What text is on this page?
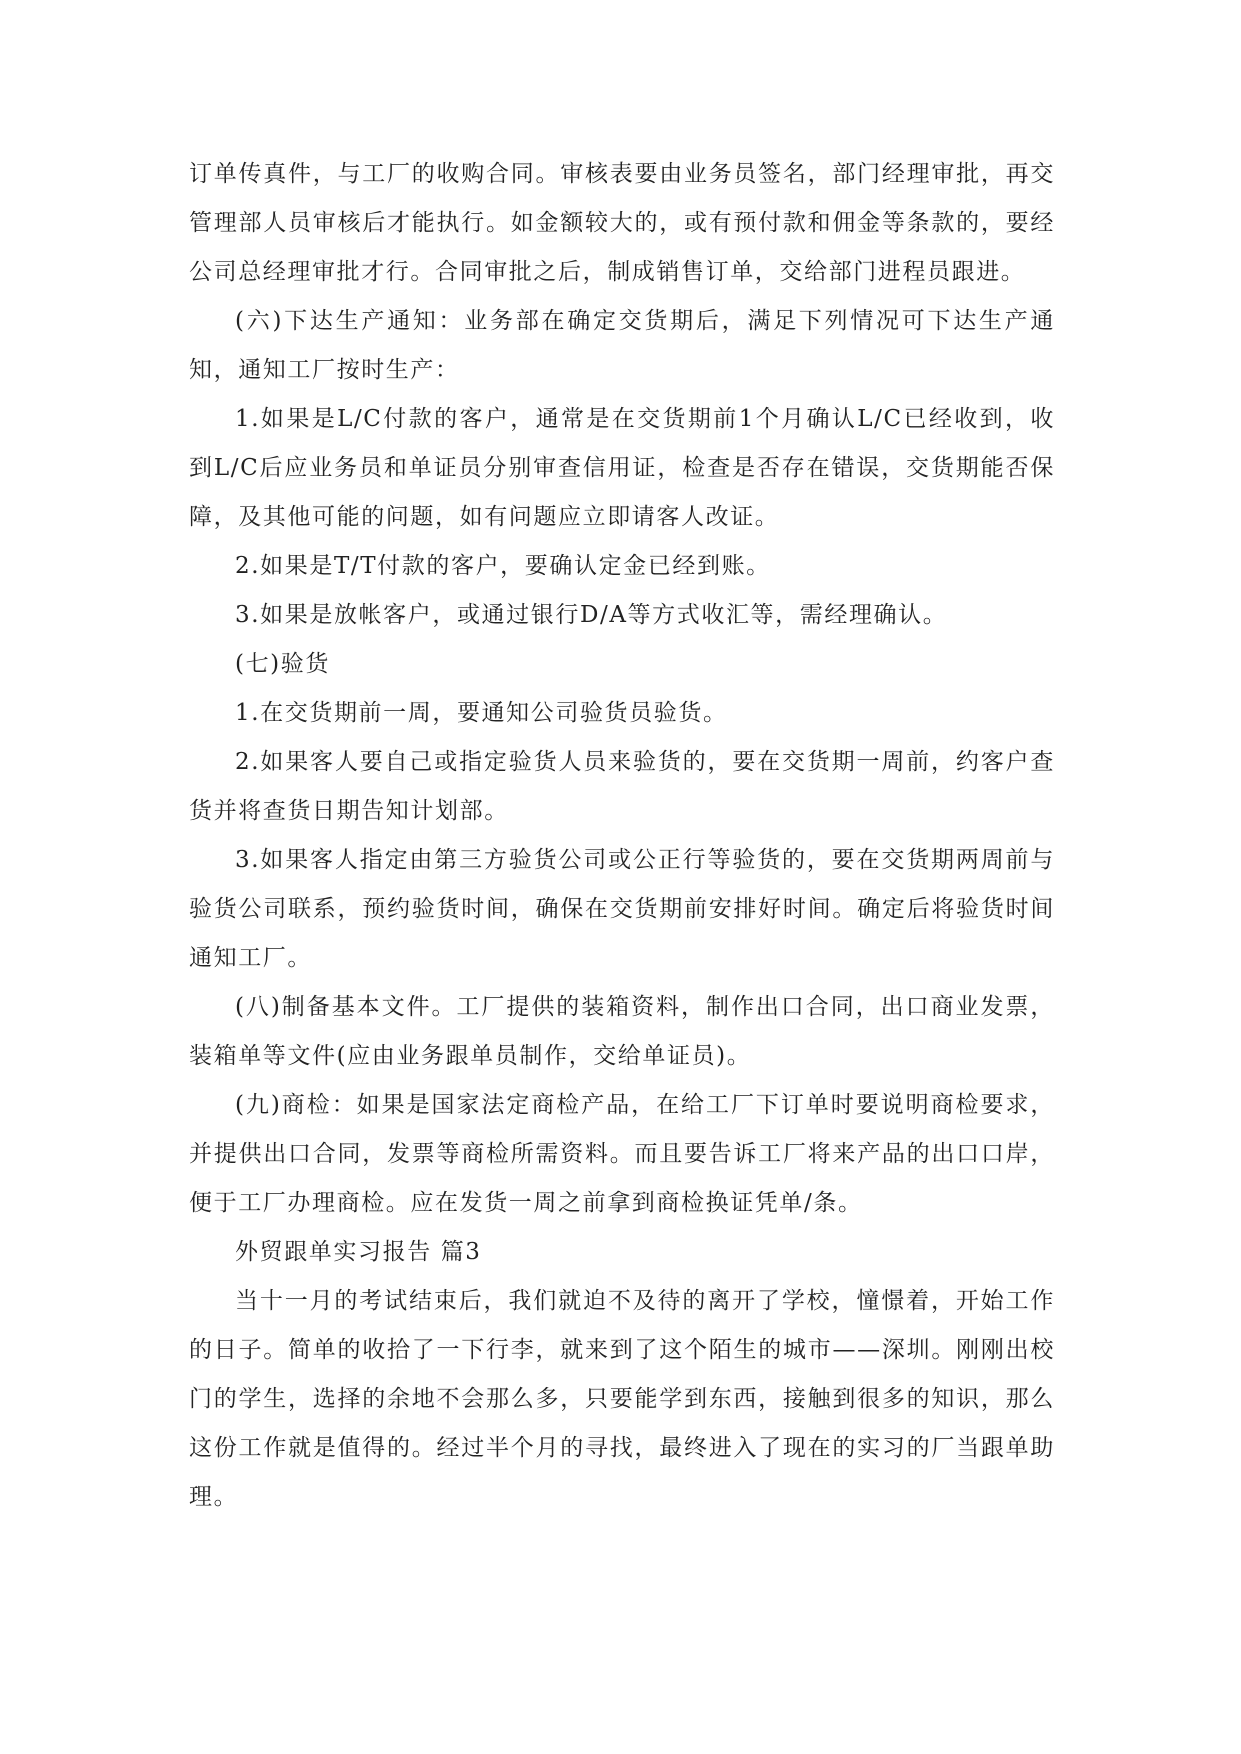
订单传真件，与工厂的收购合同。审核表要由业务员签名，部门经理审批，再交管理部人员审核后才能执行。如金额较大的，或有预付款和佣金等条款的，要经公司总经理审批才行。合同审批之后，制成销售订单，交给部门进程员跟进。

(六)下达生产通知：业务部在确定交货期后，满足下列情况可下达生产通知，通知工厂按时生产：

1.如果是L/C付款的客户，通常是在交货期前1个月确认L/C已经收到，收到L/C后应业务员和单证员分别审查信用证，检查是否存在错误，交货期能否保障，及其他可能的问题，如有问题应立即请客人改证。

2.如果是T/T付款的客户，要确认定金已经到账。

3.如果是放帐客户，或通过银行D/A等方式收汇等，需经理确认。

(七)验货

1.在交货期前一周，要通知公司验货员验货。

2.如果客人要自己或指定验货人员来验货的，要在交货期一周前，约客户查货并将查货日期告知计划部。

3.如果客人指定由第三方验货公司或公正行等验货的，要在交货期两周前与验货公司联系，预约验货时间，确保在交货期前安排好时间。确定后将验货时间通知工厂。

(八)制备基本文件。工厂提供的装箱资料，制作出口合同，出口商业发票，装箱单等文件(应由业务跟单员制作，交给单证员)。

(九)商检：如果是国家法定商检产品，在给工厂下订单时要说明商检要求，并提供出口合同，发票等商检所需资料。而且要告诉工厂将来产品的出口口岸，便于工厂办理商检。应在发货一周之前拿到商检换证凭单/条。

外贸跟单实习报告 篇3

当十一月的考试结束后，我们就迫不及待的离开了学校，憧憬着，开始工作的日子。简单的收拾了一下行李，就来到了这个陌生的城市——深圳。刚刚出校门的学生，选择的余地不会那么多，只要能学到东西，接触到很多的知识，那么这份工作就是值得的。经过半个月的寻找，最终进入了现在的实习的厂当跟单助理。
